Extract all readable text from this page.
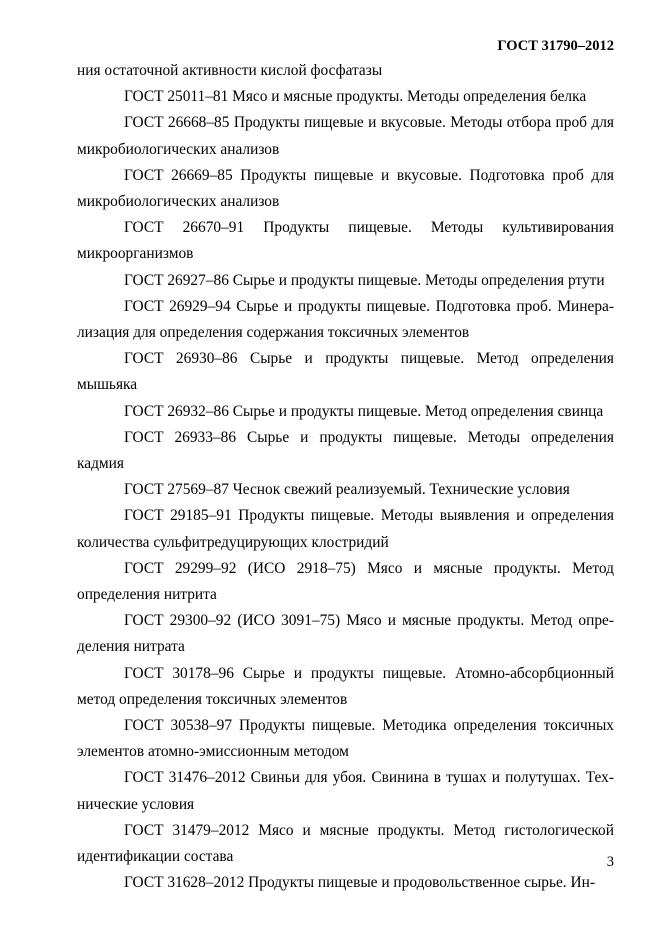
ГОСТ 31790–2012

ния остаточной активности кислой фосфатазы

ГОСТ 25011–81 Мясо и мясные продукты. Методы определения белка

ГОСТ 26668–85 Продукты пищевые и вкусовые. Методы отбора проб для микробиологических анализов

ГОСТ 26669–85 Продукты пищевые и вкусовые. Подготовка проб для микробиологических анализов

ГОСТ 26670–91 Продукты пищевые. Методы культивирования микроорганизмов

ГОСТ 26927–86 Сырье и продукты пищевые. Методы определения ртути

ГОСТ 26929–94 Сырье и продукты пищевые. Подготовка проб. Минерализация для определения содержания токсичных элементов

ГОСТ 26930–86 Сырье и продукты пищевые. Метод определения мышьяка

ГОСТ 26932–86 Сырье и продукты пищевые. Метод определения свинца

ГОСТ 26933–86 Сырье и продукты пищевые. Методы определения кадмия

ГОСТ 27569–87 Чеснок свежий реализуемый. Технические условия

ГОСТ 29185–91 Продукты пищевые. Методы выявления и определения количества сульфитредуцирующих клостридий

ГОСТ 29299–92 (ИСО 2918–75) Мясо и мясные продукты. Метод определения нитрита

ГОСТ 29300–92 (ИСО 3091–75) Мясо и мясные продукты. Метод определения нитрата

ГОСТ 30178–96 Сырье и продукты пищевые. Атомно-абсорбционный метод определения токсичных элементов

ГОСТ 30538–97 Продукты пищевые. Методика определения токсичных элементов атомно-эмиссионным методом

ГОСТ 31476–2012 Свиньи для убоя. Свинина в тушах и полутушах. Технические условия

ГОСТ 31479–2012 Мясо и мясные продукты. Метод гистологической идентификации состава

ГОСТ 31628–2012 Продукты пищевые и продовольственное сырье. Ин-

3
